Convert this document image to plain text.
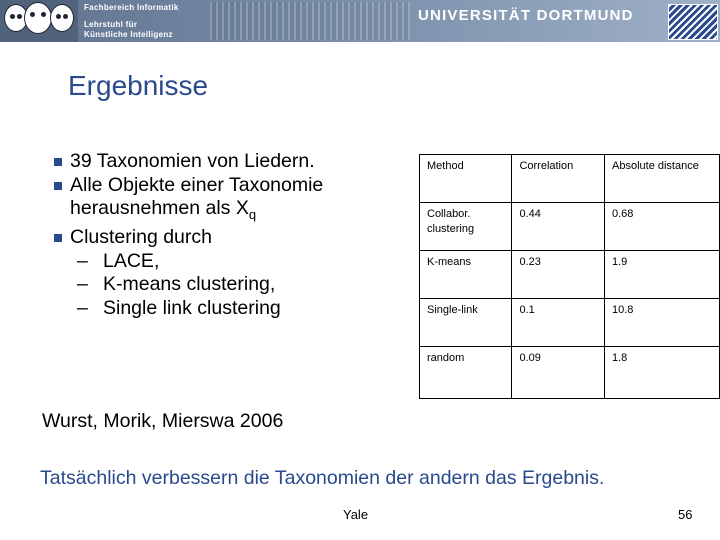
Fachbereich Informatik
Lehrstuhl für
Künstliche Intelligenz
UNIVERSITÄT DORTMUND
Ergebnisse
39 Taxonomien von Liedern.
Alle Objekte einer Taxonomie herausnehmen als $X_q$
Clustering durch
– LACE,
– K-means clustering,
– Single link clustering
Method	Correlation	Absolute distance
Collabor. clustering	0.44	0.68
K-means	0.23	1.9
Single-link	0.1	10.8
random	0.09	1.8
Wurst, Morik, Mierswa 2006
Tatsächlich verbessern die Taxonomien der andern das Ergebnis.
Yale	56
